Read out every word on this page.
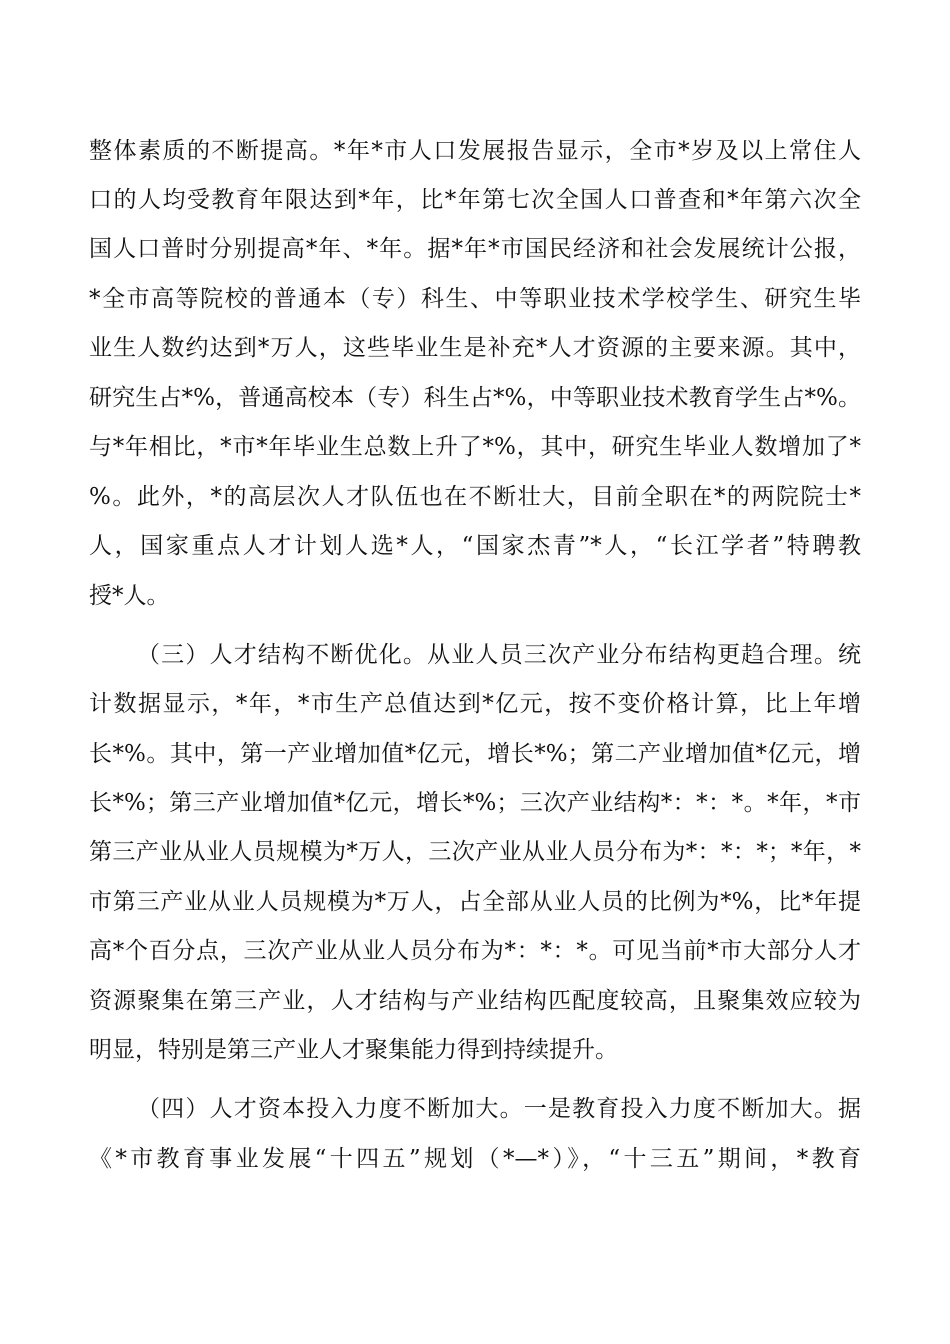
整体素质的不断提高。*年*市人口发展报告显示，全市*岁及以上常住人
口的人均受教育年限达到*年，比*年第七次全国人口普查和*年第六次全
国人口普时分别提高*年、*年。据*年*市国民经济和社会发展统计公报，
*全市高等院校的普通本（专）科生、中等职业技术学校学生、研究生毕
业生人数约达到*万人，这些毕业生是补充*人才资源的主要来源。其中，
研究生占*%，普通高校本（专）科生占*%，中等职业技术教育学生占*%。
与*年相比，*市*年毕业生总数上升了*%，其中，研究生毕业人数增加了*
%。此外，*的高层次人才队伍也在不断壮大，目前全职在*的两院院士*
人，国家重点人才计划人选*人，“国家杰青”*人，“长江学者”特聘教
授*人。
（三）人才结构不断优化。从业人员三次产业分布结构更趋合理。统
计数据显示，*年，*市生产总值达到*亿元，按不变价格计算，比上年增
长*%。其中，第一产业增加值*亿元，增长*%；第二产业增加值*亿元，增
长*%；第三产业增加值*亿元，增长*%；三次产业结构*：*：*。*年，*市
第三产业从业人员规模为*万人，三次产业从业人员分布为*：*：*；*年，*
市第三产业从业人员规模为*万人，占全部从业人员的比例为*%，比*年提
高*个百分点，三次产业从业人员分布为*：*：*。可见当前*市大部分人才
资源聚集在第三产业，人才结构与产业结构匹配度较高，且聚集效应较为
明显，特别是第三产业人才聚集能力得到持续提升。
（四）人才资本投入力度不断加大。一是教育投入力度不断加大。据
《*市教育事业发展“十四五”规划（*—*）》，“十三五”期间，*教育
